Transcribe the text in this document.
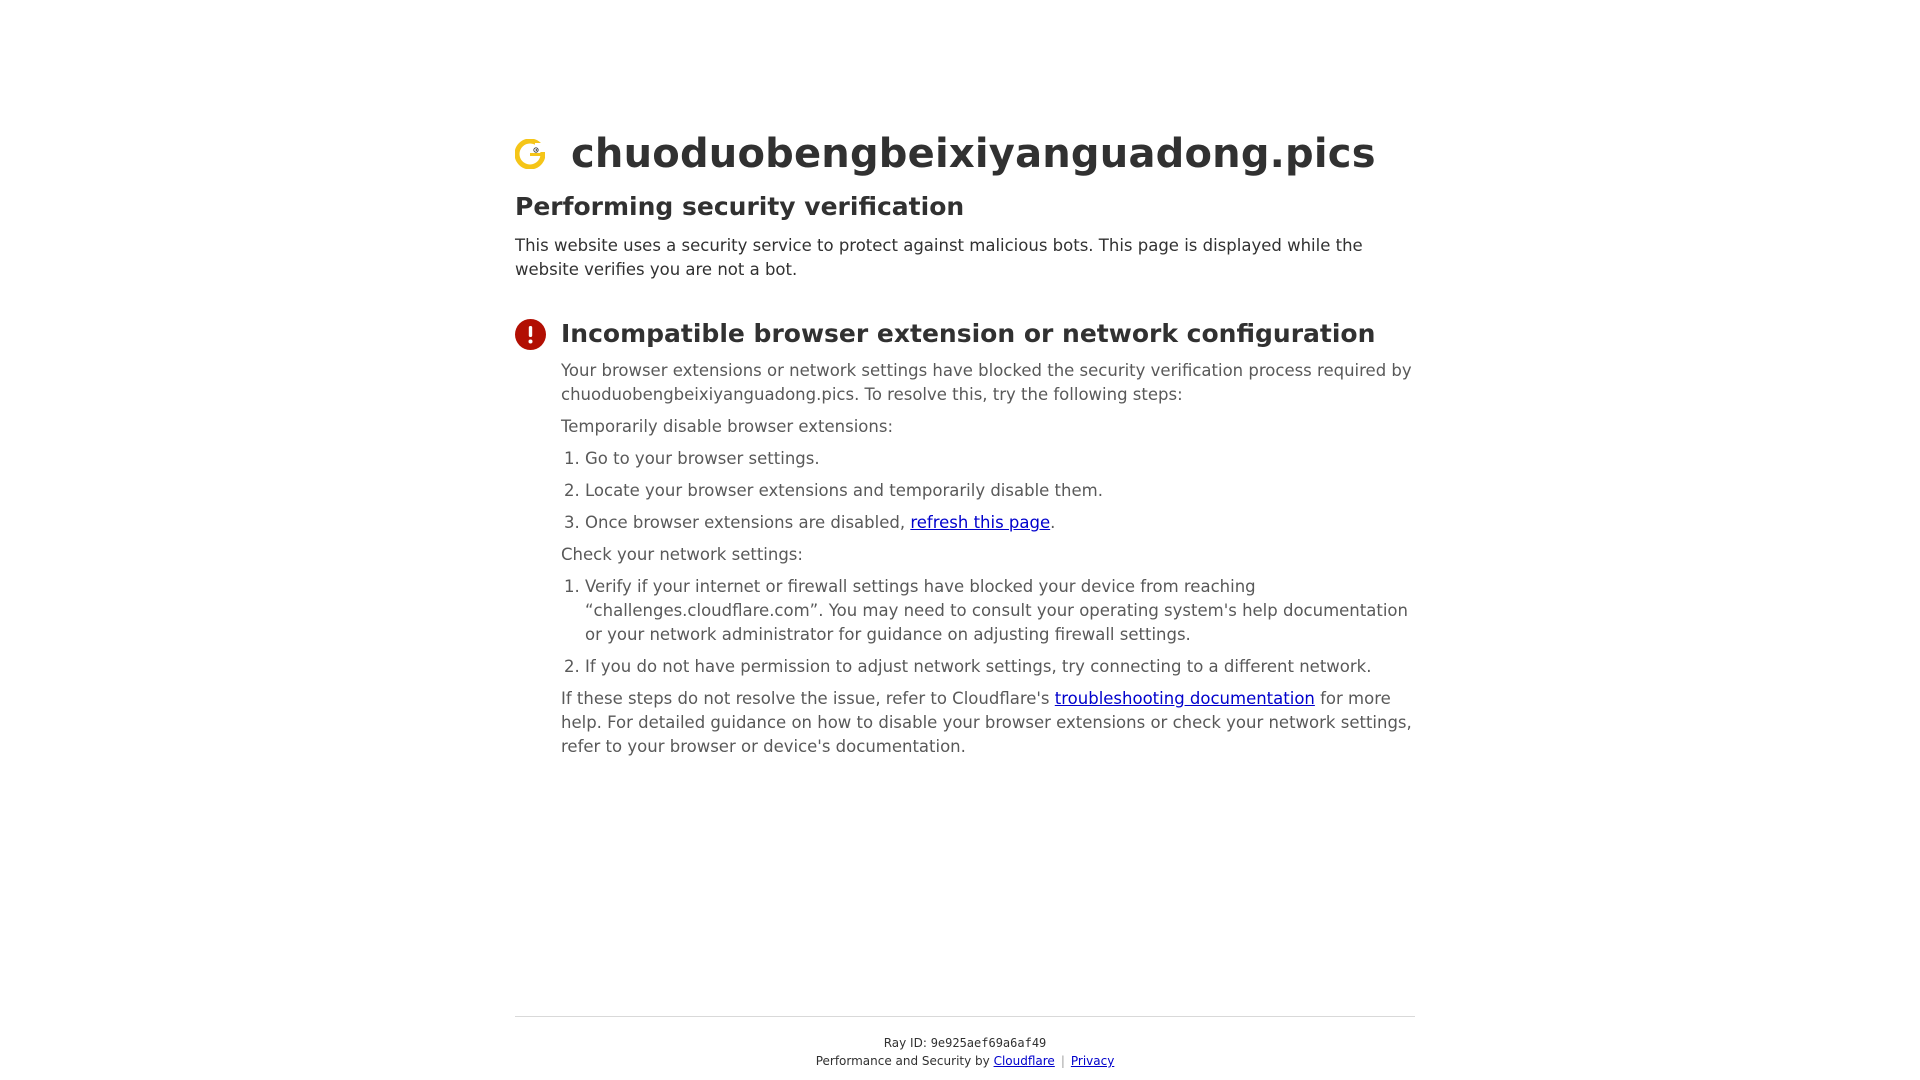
chuoduobengbeixiyanguadong.pics
Performing security verification
This website uses a security service to protect against malicious bots. This page is displayed while the website verifies you are not a bot.
Incompatible browser extension or network configuration

Your browser extensions or network settings have blocked the security verification process required by chuoduobengbeixiyanguadong.pics. To resolve this, try the following steps:

Temporarily disable browser extensions:

1. Go to your browser settings.
2. Locate your browser extensions and temporarily disable them.
3. Once browser extensions are disabled, refresh this page.

Check your network settings:

1. Verify if your internet or firewall settings have blocked your device from reaching “challenges.cloudflare.com”. You may need to consult your operating system's help documentation or your network administrator for guidance on adjusting firewall settings.
2. If you do not have permission to adjust network settings, try connecting to a different network.

If these steps do not resolve the issue, refer to Cloudflare's troubleshooting documentation for more help. For detailed guidance on how to disable your browser extensions or check your network settings, refer to your browser or device's documentation.

Ray ID: 9e925aef69a6af49
Performance and Security by Cloudflare | Privacy
